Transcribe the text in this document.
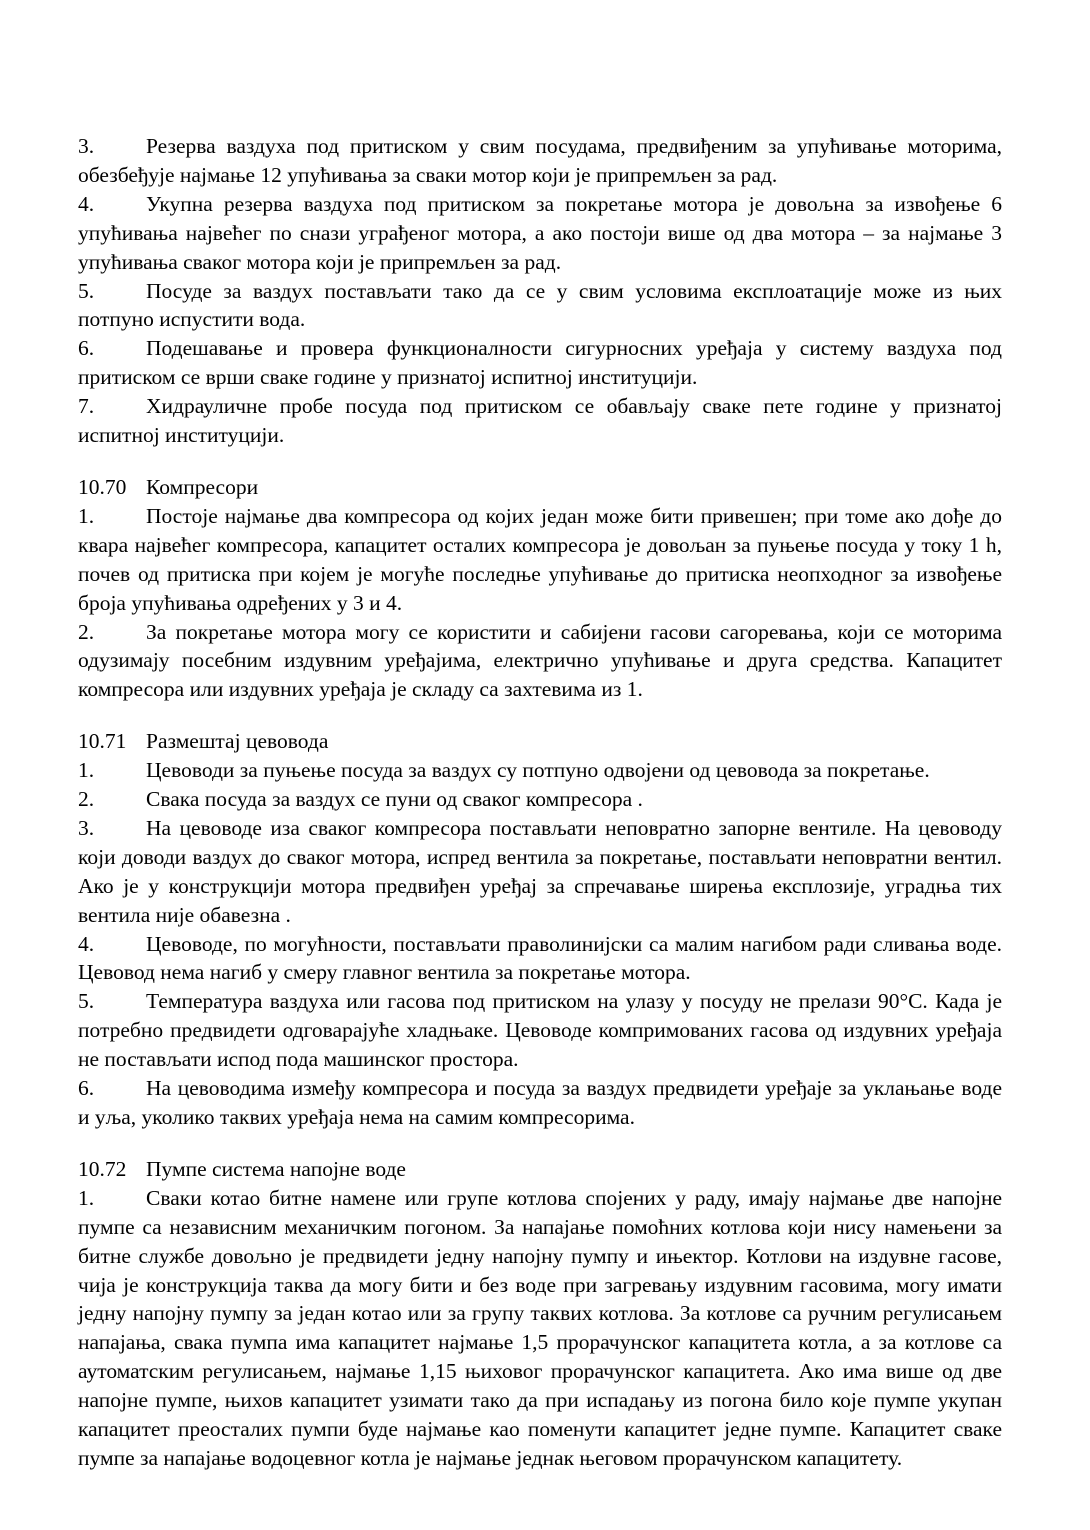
3. Резерва ваздуха под притиском у свим посудама, предвиђеним за упућивање моторима, обезбеђује најмање 12 упућивања за сваки мотор који је припремљен за рад.

4. Укупна резерва ваздуха под притиском за покретање мотора је довољна за извођење 6 упућивања највећег по снази уграђеног мотора, а ако постоји више од два мотора – за најмање 3 упућивања сваког мотора који је припремљен за рад.

5. Посуде за ваздух постављати тако да се у свим условима експлоатације може из њих потпуно испустити вода.

6. Подешавање и провера функционалности сигурносних уређаја у систему ваздуха под притиском се врши сваке године у признатој испитној институцији.

7. Хидрауличне пробе посуда под притиском се обављају сваке пете године у признатој испитној институцији.

10.70 Компресори

1. Постоје најмање два компресора од којих један може бити привешен; при томе ако дође до квара највећег компресора, капацитет осталих компресора је довољан за пуњење посуда у току 1 h, почев од притиска при којем је могуће последње упућивање до притиска неопходног за извођење броја упућивања одређених у 3 и 4.

2. За покретање мотора могу се користити и сабијени гасови сагоревања, који се моторима одузимају посебним издувним уређајима, електрично упућивање и друга средства. Капацитет компресора или издувних уређаја је складу са захтевима из 1.

10.71 Размештај цевовода

1. Цевоводи за пуњење посуда за ваздух су потпуно одвојени од цевовода за покретање.

2. Свака посуда за ваздух се пуни од сваког компресора .

3. На цевоводе иза сваког компресора постављати неповратно запорне вентиле. На цевоводу који доводи ваздух до сваког мотора, испред вентила за покретање, постављати неповратни вентил. Ако је у конструкцији мотора предвиђен уређај за спречавање ширења експлозије, уградња тих вентила није обавезна .

4. Цевоводе, по могућности, постављати праволинијски са малим нагибом ради сливања воде. Цевовод нема нагиб у смеру главног вентила за покретање мотора.

5. Температура ваздуха или гасова под притиском на улазу у посуду не прелази 90°C. Када је потребно предвидети одговарајуће хладњаке. Цевоводе компримованих гасова од издувних уређаја не постављати испод пода машинског простора.

6. На цевоводима између компресора и посуда за ваздух предвидети уређаје за уклањање воде и уља, уколико таквих уређаја нема на самим компресорима.

10.72 Пумпе система напојне воде

1. Сваки котао битне намене или групе котлова спојених у раду, имају најмање две напојне пумпе са независним механичким погоном. За напајање помоћних котлова који нису намењени за битне службе довољно је предвидети једну напојну пумпу и ињектор. Котлови на издувне гасове, чија је конструкција таква да могу бити и без воде при загревању издувним гасовима, могу имати једну напојну пумпу за један котао или за групу таквих котлова. За котлове са ручним регулисањем напајања, свака пумпа има капацитет најмање 1,5 прорачунског капацитета котла, а за котлове са аутоматским регулисањем, најмање 1,15 њиховог прорачунског капацитета. Ако има више од две напојне пумпе, њихов капацитет узимати тако да при испадању из погона било које пумпе укупан капацитет преосталих пумпи буде најмање као поменути капацитет једне пумпе. Капацитет сваке пумпе за напајање водоцевног котла је најмање једнак његовом прорачунском капацитету.
